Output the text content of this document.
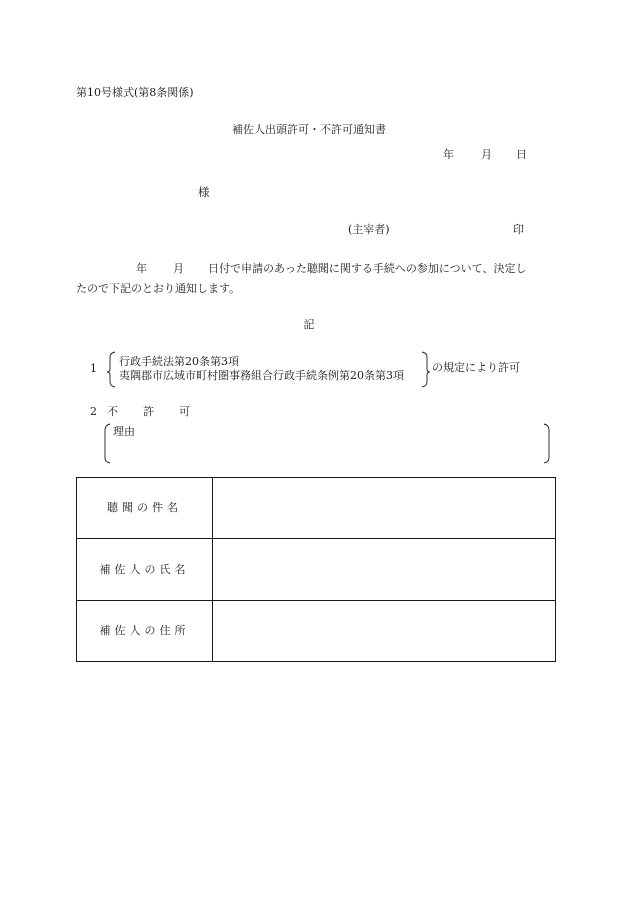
第10号様式(第8条関係)
補佐人出頭許可・不許可通知書
年 月 日
様
(主宰者)	印
年 月 日付で申請のあった聴聞に関する手続への参加について、決定し
たので下記のとおり通知します。
記
1
行政手続法第20条第3項
夷隅郡市広域市町村圏事務組合行政手続条例第20条第3項
の規定により許可
2 不 許 可
理由
聴聞の件名
補佐人の氏名
補佐人の住所
